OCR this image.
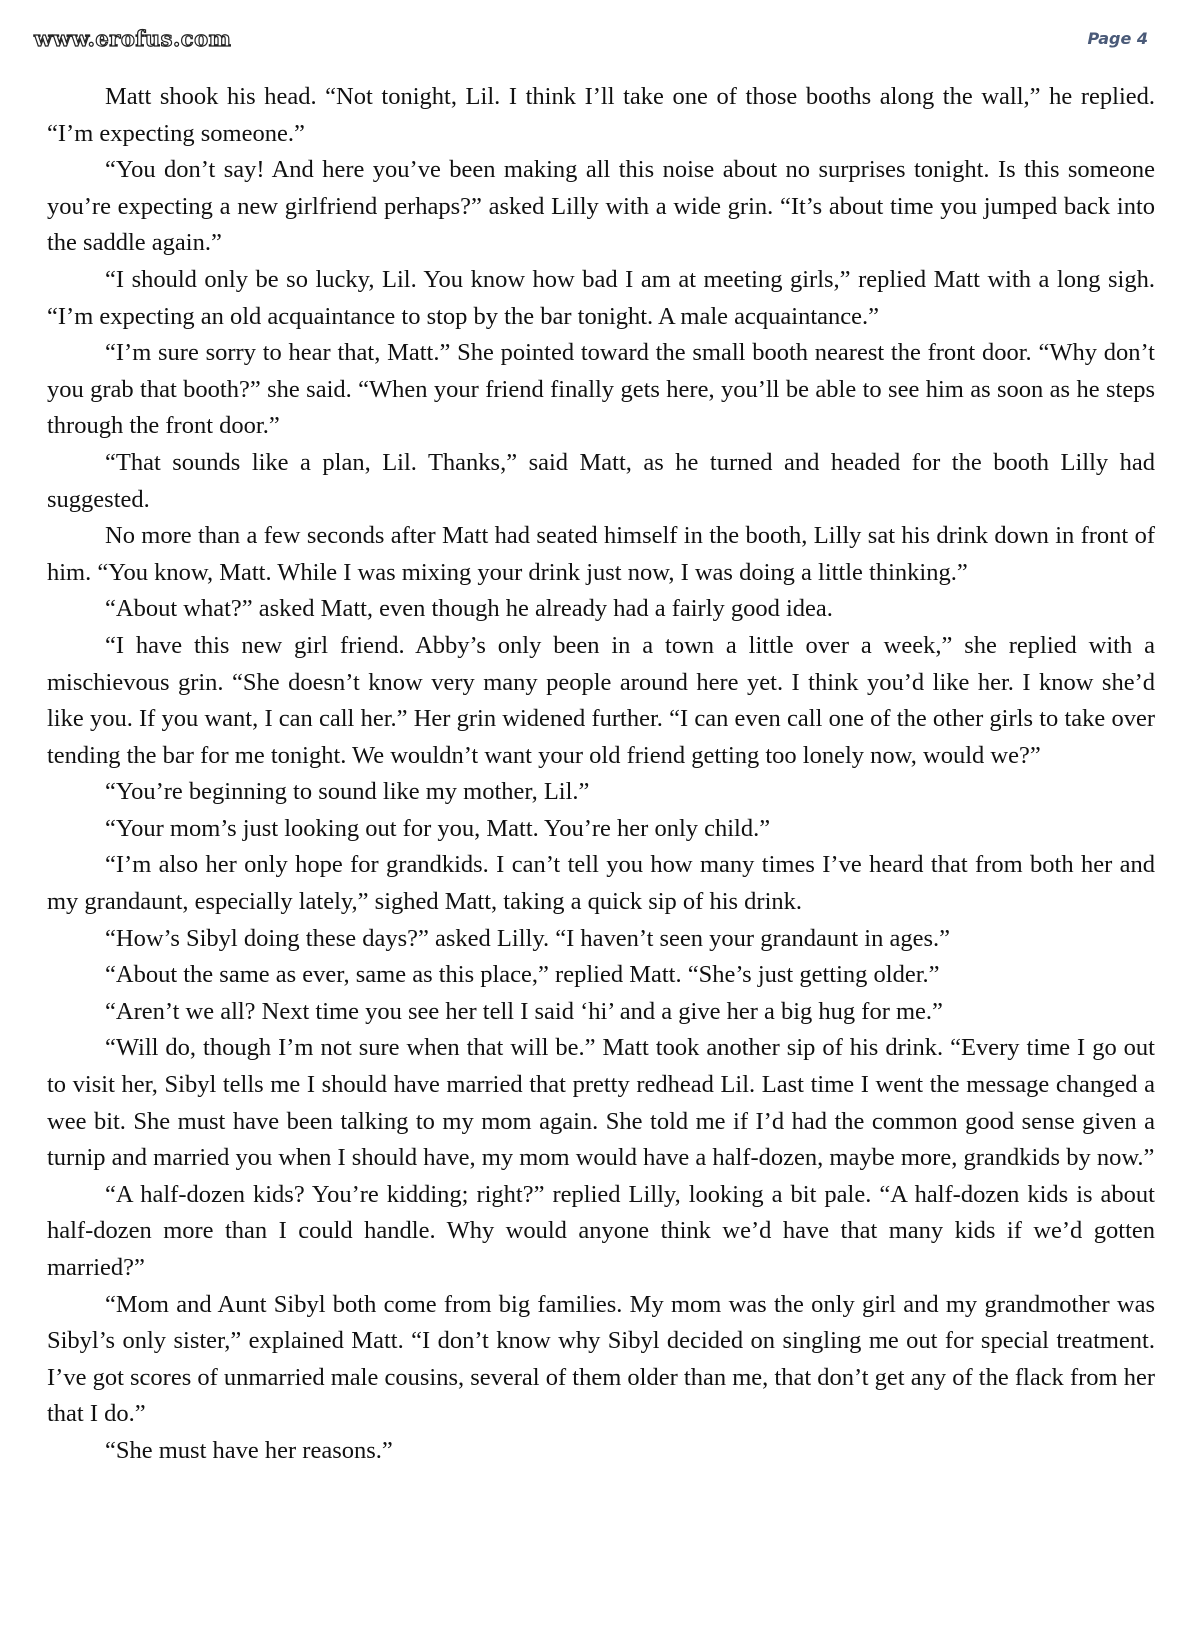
www.erofus.com	Page 4

Matt shook his head. “Not tonight, Lil. I think I’ll take one of those booths along the wall,” he replied. “I’m expecting someone.”

“You don’t say! And here you’ve been making all this noise about no surprises tonight. Is this someone you’re expecting a new girlfriend perhaps?” asked Lilly with a wide grin. “It’s about time you jumped back into the saddle again.”

“I should only be so lucky, Lil. You know how bad I am at meeting girls,” replied Matt with a long sigh. “I’m expecting an old acquaintance to stop by the bar tonight. A male acquaintance.”

“I’m sure sorry to hear that, Matt.” She pointed toward the small booth nearest the front door. “Why don’t you grab that booth?” she said. “When your friend finally gets here, you’ll be able to see him as soon as he steps through the front door.”

“That sounds like a plan, Lil. Thanks,” said Matt, as he turned and headed for the booth Lilly had suggested.

No more than a few seconds after Matt had seated himself in the booth, Lilly sat his drink down in front of him. “You know, Matt. While I was mixing your drink just now, I was doing a little thinking.”

“About what?” asked Matt, even though he already had a fairly good idea.

“I have this new girl friend. Abby’s only been in a town a little over a week,” she replied with a mischievous grin. “She doesn’t know very many people around here yet. I think you’d like her. I know she’d like you. If you want, I can call her.” Her grin widened further. “I can even call one of the other girls to take over tending the bar for me tonight. We wouldn’t want your old friend getting too lonely now, would we?”

“You’re beginning to sound like my mother, Lil.”

“Your mom’s just looking out for you, Matt. You’re her only child.”

“I’m also her only hope for grandkids. I can’t tell you how many times I’ve heard that from both her and my grandaunt, especially lately,” sighed Matt, taking a quick sip of his drink.

“How’s Sibyl doing these days?” asked Lilly. “I haven’t seen your grandaunt in ages.”

“About the same as ever, same as this place,” replied Matt. “She’s just getting older.”

“Aren’t we all? Next time you see her tell I said ‘hi’ and a give her a big hug for me.”

“Will do, though I’m not sure when that will be.” Matt took another sip of his drink. “Every time I go out to visit her, Sibyl tells me I should have married that pretty redhead Lil. Last time I went the message changed a wee bit. She must have been talking to my mom again. She told me if I’d had the common good sense given a turnip and married you when I should have, my mom would have a half-dozen, maybe more, grandkids by now.”

“A half-dozen kids? You’re kidding; right?” replied Lilly, looking a bit pale. “A half-dozen kids is about half-dozen more than I could handle. Why would anyone think we’d have that many kids if we’d gotten married?”

“Mom and Aunt Sibyl both come from big families. My mom was the only girl and my grandmother was Sibyl’s only sister,” explained Matt. “I don’t know why Sibyl decided on singling me out for special treatment. I’ve got scores of unmarried male cousins, several of them older than me, that don’t get any of the flack from her that I do.”

“She must have her reasons.”
